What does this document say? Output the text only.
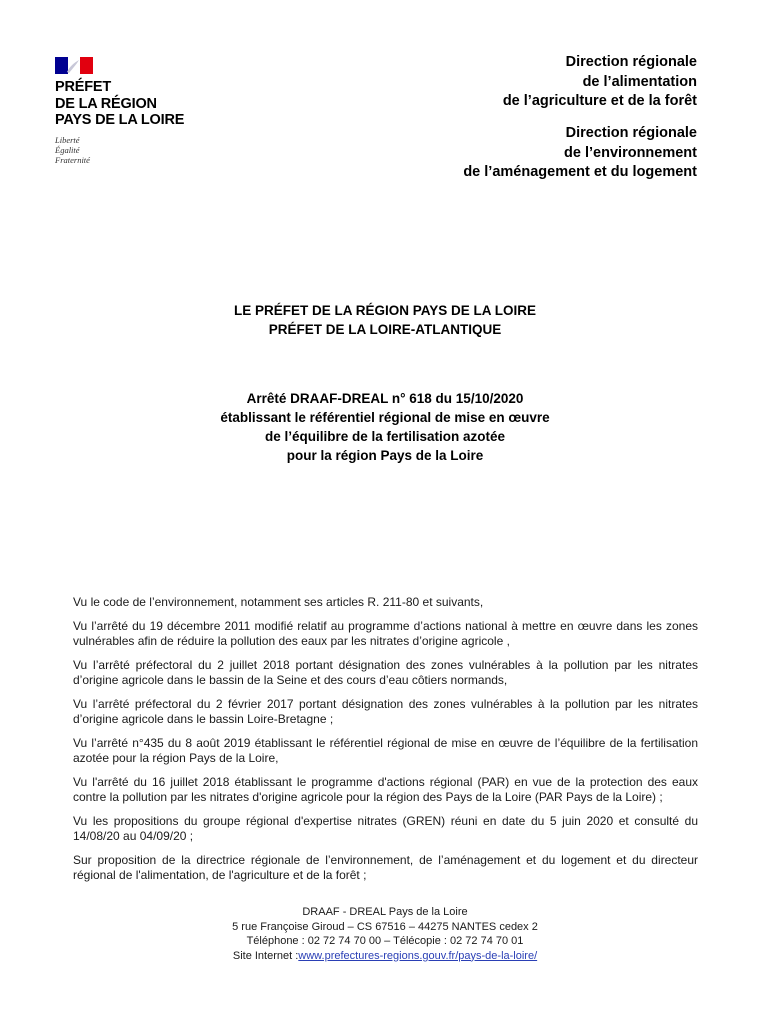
PRÉFET
DE LA RÉGION
PAYS DE LA LOIRE
Liberté
Égalité
Fraternité
Direction régionale
de l’alimentation
de l’agriculture et de la forêt
Direction régionale
de l’environnement
de l’aménagement et du logement
LE PRÉFET DE LA RÉGION PAYS DE LA LOIRE
PRÉFET DE LA LOIRE-ATLANTIQUE
Arrêté DRAAF-DREAL n° 618 du 15/10/2020
établissant le référentiel régional de mise en œuvre
de l’équilibre de la fertilisation azotée
pour la région Pays de la Loire

Vu le code de l’environnement, notamment ses articles R. 211-80 et suivants,

Vu l’arrêté du 19 décembre 2011 modifié relatif au programme d’actions national à mettre en œuvre dans les zones vulnérables afin de réduire la pollution des eaux par les nitrates d’origine agricole ,

Vu l’arrêté préfectoral du 2 juillet 2018 portant désignation des zones vulnérables à la pollution par les nitrates d’origine agricole dans le bassin de la Seine et des cours d’eau côtiers normands,

Vu l’arrêté préfectoral du 2 février 2017 portant désignation des zones vulnérables à la pollution par les nitrates d’origine agricole dans le bassin Loire-Bretagne ;

Vu l’arrêté n°435 du 8 août 2019 établissant le référentiel régional de mise en œuvre de l’équilibre de la fertilisation azotée pour la région Pays de la Loire,

Vu l'arrêté du 16 juillet 2018 établissant le programme d'actions régional (PAR) en vue de la protection des eaux contre la pollution par les nitrates d'origine agricole pour la région des Pays de la Loire (PAR Pays de la Loire) ;

Vu les propositions du groupe régional d'expertise nitrates (GREN) réuni en date du 5 juin 2020 et consulté du 14/08/20 au 04/09/20 ;

Sur proposition de la directrice régionale de l’environnement, de l’aménagement et du logement et du directeur régional de l'alimentation, de l'agriculture et de la forêt ;

DRAAF - DREAL Pays de la Loire
5 rue Françoise Giroud – CS 67516 – 44275 NANTES cedex 2
Téléphone : 02 72 74 70 00 – Télécopie : 02 72 74 70 01
Site Internet :www.prefectures-regions.gouv.fr/pays-de-la-loire/
